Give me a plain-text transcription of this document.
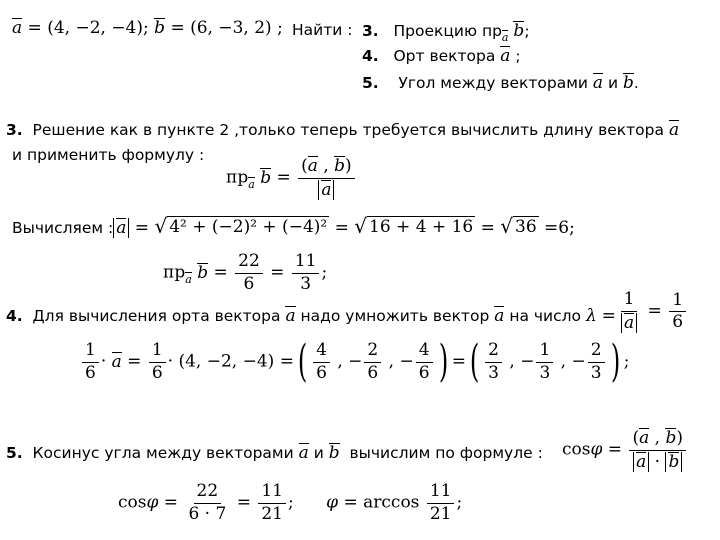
a = (4, −2, −4); b = (6, −3, 2) ; Найти : 3. Проекцию $пр_a$ b;
4. Орт вектора a ;
5. Угол между векторами a и b.
3. Решение как в пункте 2 ,только теперь требуется вычислить длину вектора a
и применить формулу :
$пр_a$ $b = \frac{(a , b)}{a}$
Вычисляем : a = √ 4² + (−2)² + (−4)² = √ 16 + 4 + 16 = √ 36 =6;
$пр_a$ $b = \frac{22}{6} = \frac{11}{3}$ ;
4. Для вычисления орта вектора a надо умножить вектор a на число $\lambda = \frac{1}{a} = \frac{1}{6}$
$\frac{1}{6} \cdot a = \frac{1}{6} \cdot (4$, −2, −4) =( $\frac{4}{6}$ , − $\frac{2}{6}$ , − $\frac{4}{6}$ ) =( $\frac{2}{3}$ , − $\frac{1}{3}$ , − $\frac{2}{3}$ ) ;
5. Косинус угла между векторами a и b вычислим по формуле : $\cos\varphi = \frac{(a , b)}{a \cdot b}$
$\cos\varphi = \frac{22}{6 \cdot 7} = \frac{11}{21}$ ; $\varphi = \arccos \frac{11}{21}$ ;
